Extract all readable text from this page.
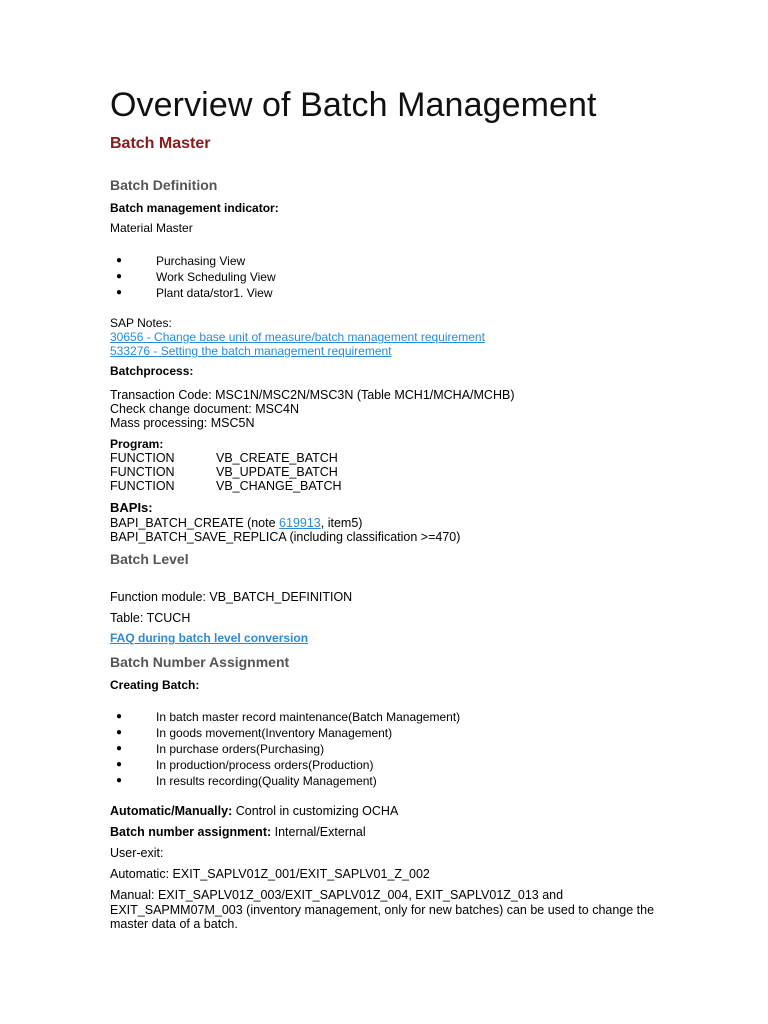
Overview of Batch Management
Batch Master
Batch Definition
Batch management indicator:
Material Master
●	Purchasing View
●	Work Scheduling View
●	Plant data/stor1. View
SAP Notes:
30656 - Change base unit of measure/batch management requirement
533276 - Setting the batch management requirement
Batchprocess:
Transaction Code: MSC1N/MSC2N/MSC3N (Table MCH1/MCHA/MCHB)
Check change document: MSC4N
Mass processing: MSC5N
Program:
FUNCTION	VB_CREATE_BATCH
FUNCTION	VB_UPDATE_BATCH
FUNCTION	VB_CHANGE_BATCH
BAPIs:
BAPI_BATCH_CREATE (note 619913, item5)
BAPI_BATCH_SAVE_REPLICA (including classification >=470)
Batch Level
Function module: VB_BATCH_DEFINITION
Table: TCUCH
FAQ during batch level conversion
Batch Number Assignment
Creating Batch:
●	In batch master record maintenance(Batch Management)
●	In goods movement(Inventory Management)
●	In purchase orders(Purchasing)
●	In production/process orders(Production)
●	In results recording(Quality Management)
Automatic/Manually: Control in customizing OCHA
Batch number assignment: Internal/External
User-exit:
Automatic: EXIT_SAPLV01Z_001/EXIT_SAPLV01_Z_002
Manual: EXIT_SAPLV01Z_003/EXIT_SAPLV01Z_004, EXIT_SAPLV01Z_013 and EXIT_SAPMM07M_003 (inventory management, only for new batches) can be used to change the master data of a batch.
